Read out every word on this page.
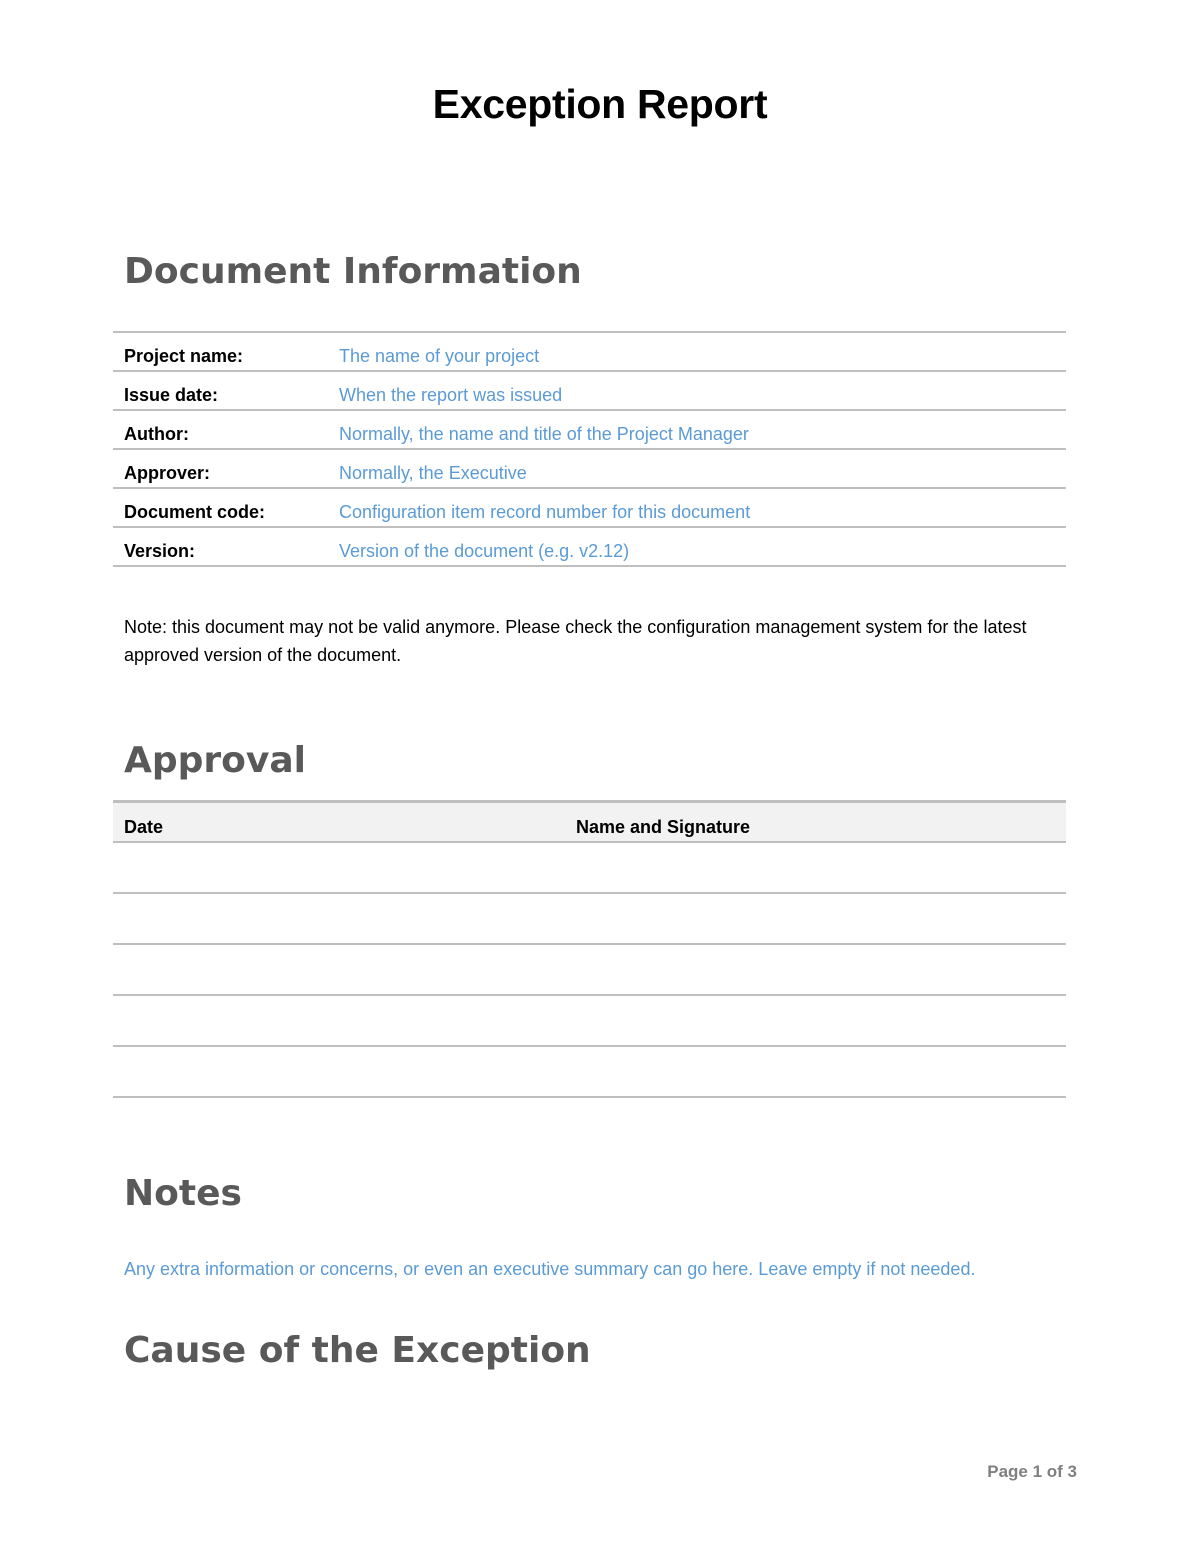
Exception Report
Document Information
Project name:	The name of your project
Issue date:	When the report was issued
Author:	Normally, the name and title of the Project Manager
Approver:	Normally, the Executive
Document code:	Configuration item record number for this document
Version:	Version of the document (e.g. v2.12)

Note: this document may not be valid anymore. Please check the configuration management system for the latest approved version of the document.

Approval
Date	Name and Signature
Notes

Any extra information or concerns, or even an executive summary can go here. Leave empty if not needed.

Cause of the Exception
Page 1 of 3
